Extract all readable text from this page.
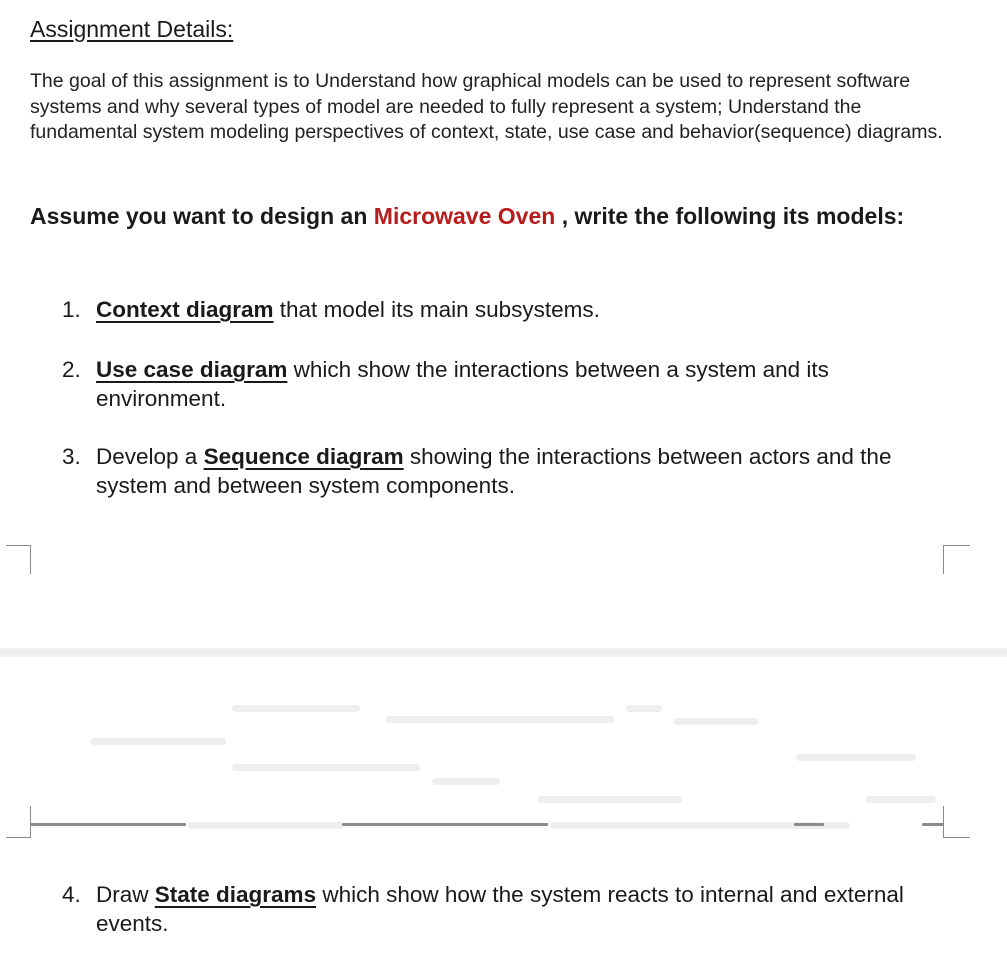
Assignment Details:

The goal of this assignment is to Understand how graphical models can be used to represent software systems and why several types of model are needed to fully represent a system; Understand the fundamental system modeling perspectives of context, state, use case and behavior(sequence) diagrams.

Assume you want to design an Microwave Oven , write the following its models:

1. Context diagram that model its main subsystems.
2. Use case diagram which show the interactions between a system and its environment.
3. Develop a Sequence diagram showing the interactions between actors and the system and between system components.
4. Draw State diagrams which show how the system reacts to internal and external events.
